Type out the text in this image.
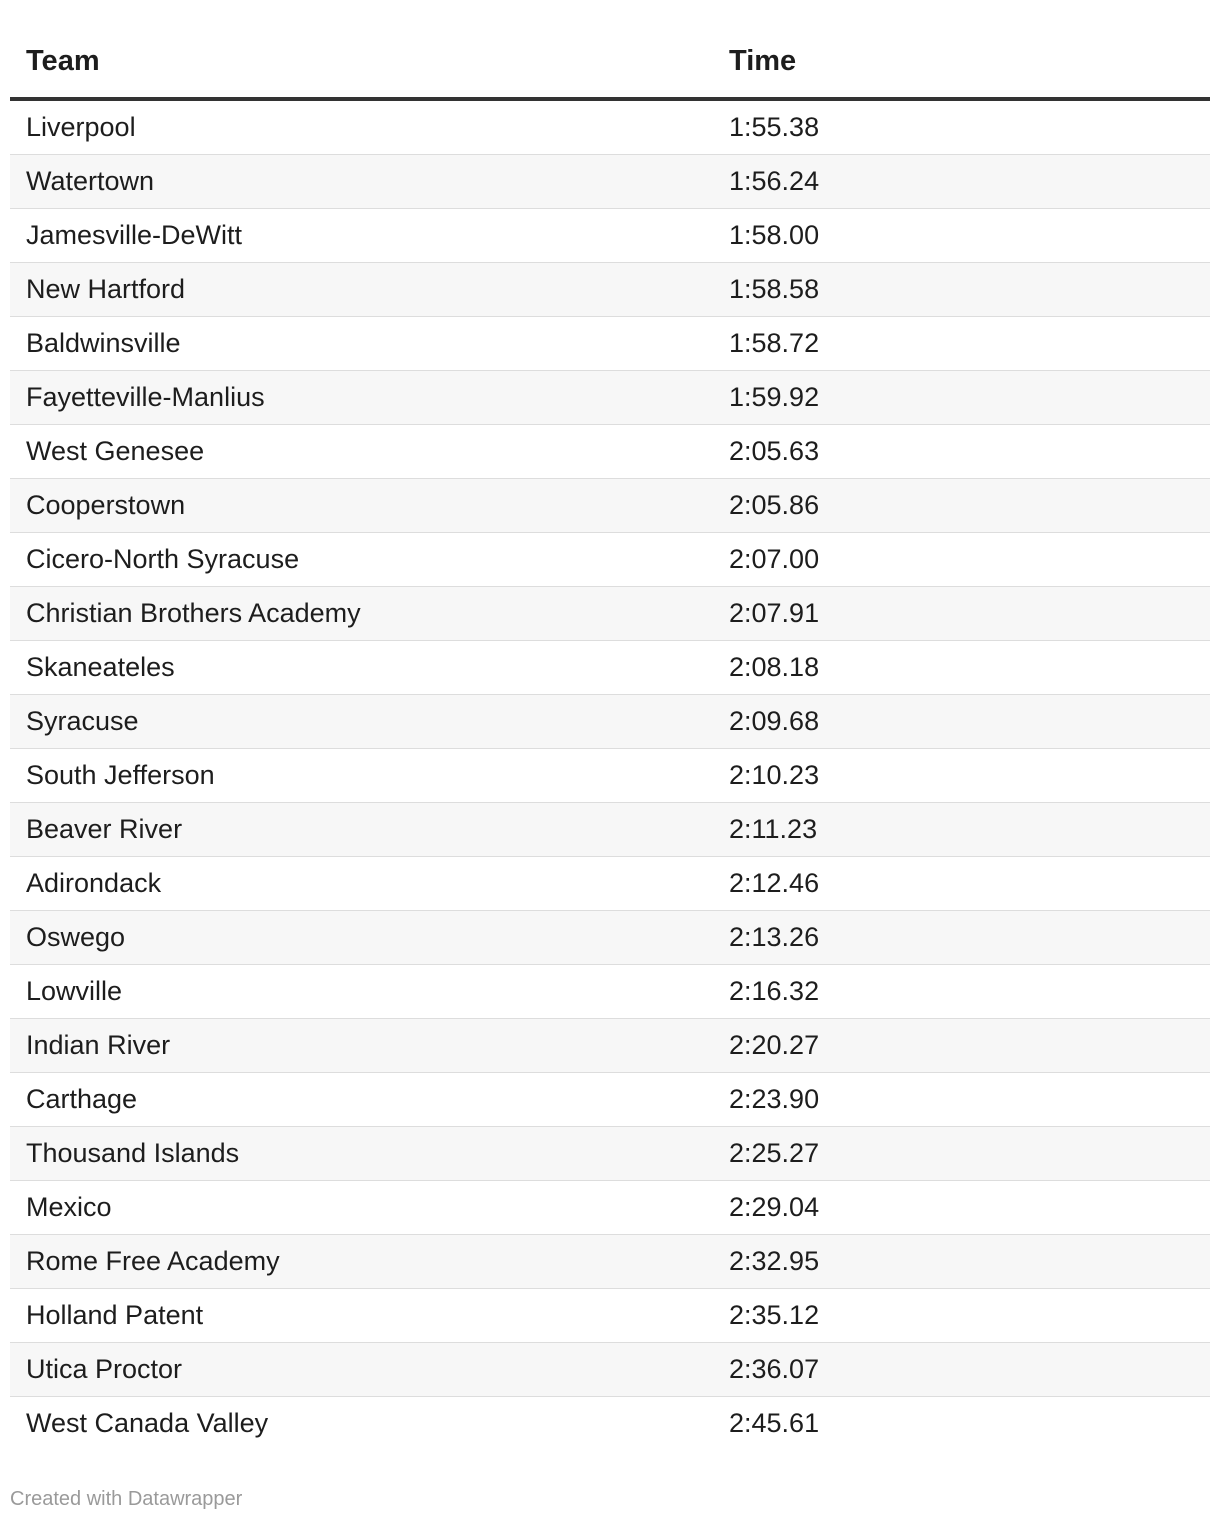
Team	Time
Liverpool	1:55.38
Watertown	1:56.24
Jamesville-DeWitt	1:58.00
New Hartford	1:58.58
Baldwinsville	1:58.72
Fayetteville-Manlius	1:59.92
West Genesee	2:05.63
Cooperstown	2:05.86
Cicero-North Syracuse	2:07.00
Christian Brothers Academy	2:07.91
Skaneateles	2:08.18
Syracuse	2:09.68
South Jefferson	2:10.23
Beaver River	2:11.23
Adirondack	2:12.46
Oswego	2:13.26
Lowville	2:16.32
Indian River	2:20.27
Carthage	2:23.90
Thousand Islands	2:25.27
Mexico	2:29.04
Rome Free Academy	2:32.95
Holland Patent	2:35.12
Utica Proctor	2:36.07
West Canada Valley	2:45.61
Created with Datawrapper
